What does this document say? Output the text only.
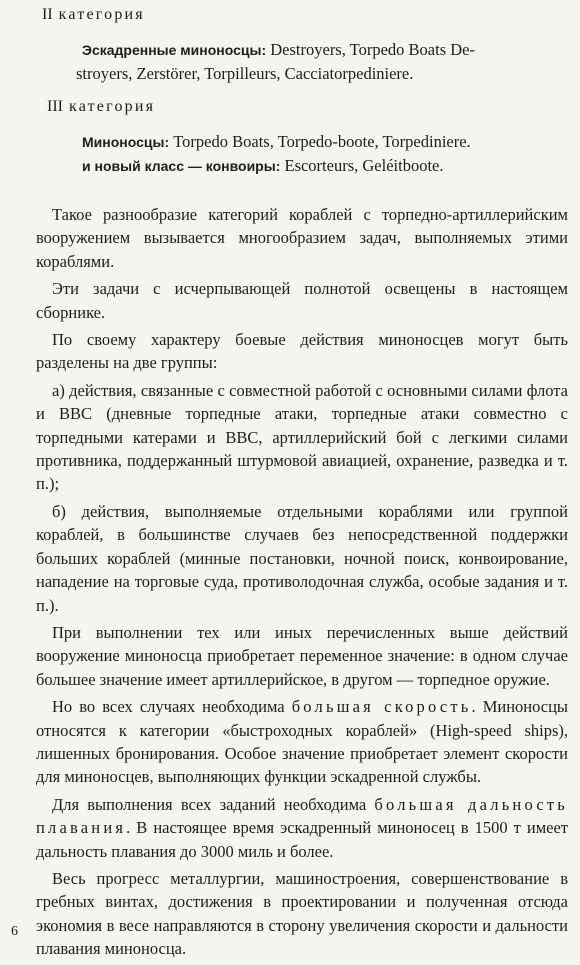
II категория
Эскадренные миноносцы: Destroyers, Torpedo Boats De-
stroyers, Zerstörer, Torpilleurs, Cacciatorpediniere.
III категория
Миноносцы: Torpedo Boats, Torpedo-boote, Torpediniere.
и новый класс — конвоиры: Escorteurs, Geléitboote.

Такое разнообразие категорий кораблей с торпедно-артиллерийским вооружением вызывается многообразием задач, выполняемых этими кораблями.

Эти задачи с исчерпывающей полнотой освещены в настоящем сборнике.

По своему характеру боевые действия миноносцев могут быть разделены на две группы:

а) действия, связанные с совместной работой с основными силами флота и ВВС (дневные торпедные атаки, торпедные атаки совместно с торпедными катерами и ВВС, артиллерийский бой с легкими силами противника, поддержанный штурмовой авиацией, охранение, разведка и т. п.);

б) действия, выполняемые отдельными кораблями или группой кораблей, в большинстве случаев без непосредственной поддержки больших кораблей (минные постановки, ночной поиск, конвоирование, нападение на торговые суда, противолодочная служба, особые задания и т. п.).

При выполнении тех или иных перечисленных выше действий вооружение миноносца приобретает переменное значение: в одном случае большее значение имеет артиллерийское, в другом — торпедное оружие.

Но во всех случаях необходима большая скорость. Миноносцы относятся к категории «быстроходных кораблей» (High-speed ships), лишенных бронирования. Особое значение приобретает элемент скорости для миноносцев, выполняющих функции эскадренной службы.

Для выполнения всех заданий необходима большая дальность плавания. В настоящее время эскадренный миноносец в 1500 т имеет дальность плавания до 3000 миль и более.

Весь прогресс металлургии, машиностроения, совершенствование в гребных винтах, достижения в проектировании и полученная отсюда экономия в весе направляются в сторону увеличения скорости и дальности плавания миноносца.

6
